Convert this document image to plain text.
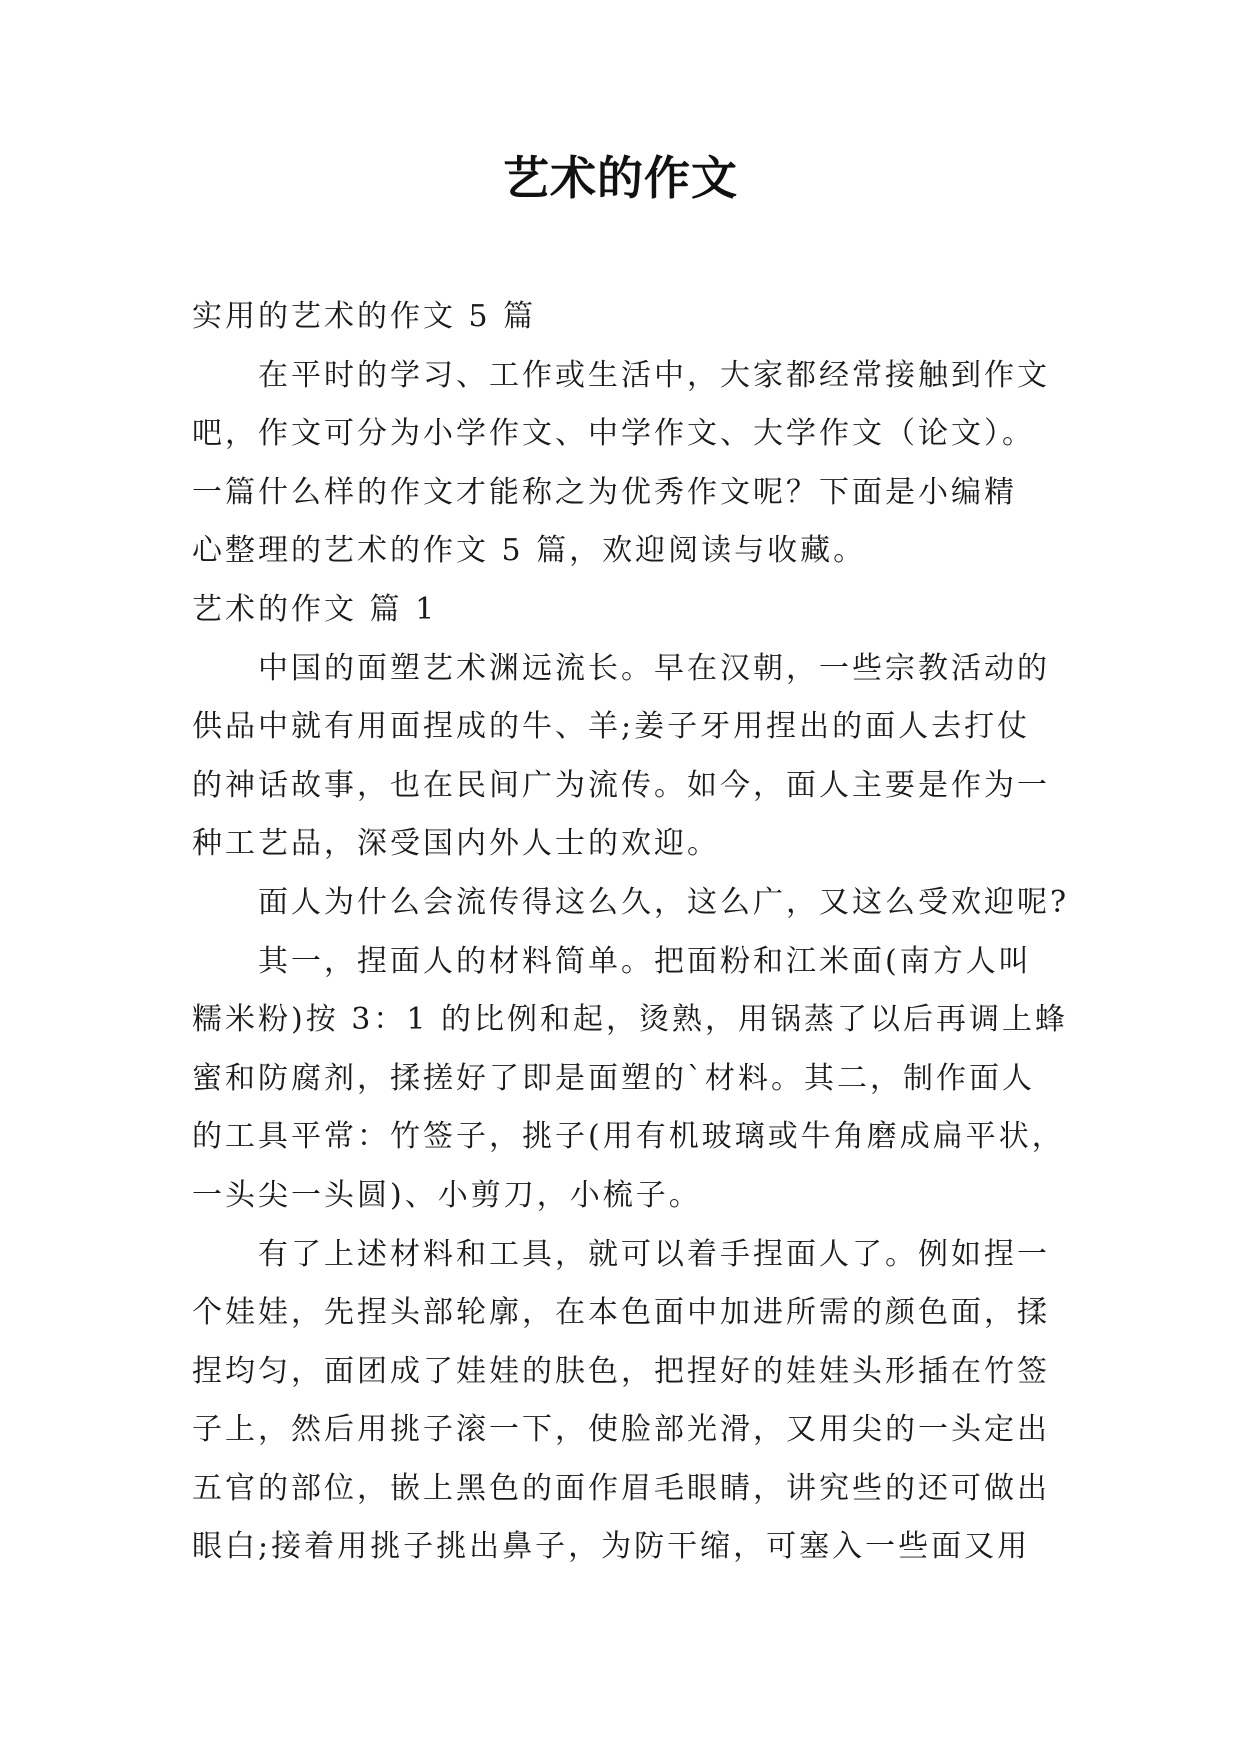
艺术的作文
实用的艺术的作文 5 篇
在平时的学习、工作或生活中，大家都经常接触到作文
吧，作文可分为小学作文、中学作文、大学作文（论文）。
一篇什么样的作文才能称之为优秀作文呢？下面是小编精
心整理的艺术的作文 5 篇，欢迎阅读与收藏。
艺术的作文 篇 1
中国的面塑艺术渊远流长。早在汉朝，一些宗教活动的
供品中就有用面捏成的牛、羊;姜子牙用捏出的面人去打仗
的神话故事，也在民间广为流传。如今，面人主要是作为一
种工艺品，深受国内外人士的欢迎。
面人为什么会流传得这么久，这么广，又这么受欢迎呢?
其一，捏面人的材料简单。把面粉和江米面(南方人叫
糯米粉)按 3：1 的比例和起，烫熟，用锅蒸了以后再调上蜂
蜜和防腐剂，揉搓好了即是面塑的`材料。其二，制作面人
的工具平常：竹签子，挑子(用有机玻璃或牛角磨成扁平状，
一头尖一头圆)、小剪刀，小梳子。
有了上述材料和工具，就可以着手捏面人了。例如捏一
个娃娃，先捏头部轮廓，在本色面中加进所需的颜色面，揉
捏均匀，面团成了娃娃的肤色，把捏好的娃娃头形插在竹签
子上，然后用挑子滚一下，使脸部光滑，又用尖的一头定出
五官的部位，嵌上黑色的面作眉毛眼睛，讲究些的还可做出
眼白;接着用挑子挑出鼻子，为防干缩，可塞入一些面又用
